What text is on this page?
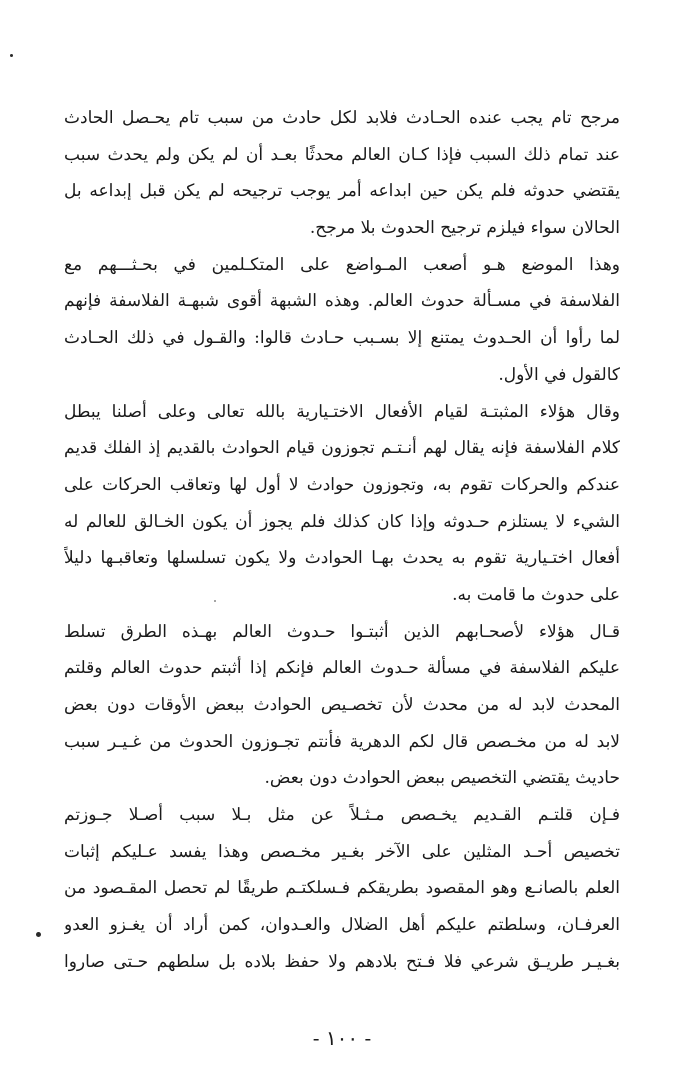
مرجح تام يجب عنده الحـادث فلابد لكل حادث من سبب تام يحـصل الحادث
عند تمام ذلك السبب فإذا كـان العالم محدثًا بعـد أن لم يكن ولم يحدث سبب
يقتضي حدوثه فلم يكن حين ابداعه أمر يوجب ترجيحه لم يكن قبل إبداعه بل
الحالان سواء فيلزم ترجيح الحدوث بلا مرجح.
وهذا الموضع هـو أصعب المـواضع على المتكـلمين في بحـثـــهم مع
الفلاسفة في مسـألة حدوث العالم. وهذه الشبهة أقوى شبهـة الفلاسفة فإنهم
لما رأوا أن الحـدوث يمتنع إلا بسـبب حـادث قالوا: والقـول في ذلك الحـادث
كالقول في الأول.
وقال هؤلاء المثبتـة لقيام الأفعال الاختـيارية بالله تعالى وعلى أصلنا يبطل
كلام الفلاسفة فإنه يقال لهم أنـتـم تجوزون قيام الحوادث بالقديم إذ الفلك قديم
عندكم والحركات تقوم به، وتجوزون حوادث لا أول لها وتعاقب الحركات على
الشيء لا يستلزم حـدوثه وإذا كان كذلك فلم يجوز أن يكون الخـالق للعالم له
أفعال اختـيارية تقوم به يحدث بهـا الحوادث ولا يكون تسلسلها وتعاقبـها دليلاً
على حدوث ما قامت به.
قـال هؤلاء لأصحـابهم الذين أثبتـوا حـدوث العالم بهـذه الطرق تسلط
عليكم الفلاسفة في مسألة حـدوث العالم فإنكم إذا أثبتم حدوث العالم وقلتم
المحدث لابد له من محدث لأن تخصـيص الحوادث ببعض الأوقات دون بعض
لابد له من مخـصص قال لكم الدهرية فأنتم تجـوزون الحدوث من غـيـر سبب
حاديث يقتضي التخصيص ببعض الحوادث دون بعض.
فـإن قلتـم القـديم يخـصص مـثـلاً عن مثل بـلا سبب أصـلا جـوزتم
تخصيص أحـد المثلين على الآخر بغـير مخـصص وهذا يفسد عـليكم إثبات
العلم بالصانـع وهو المقصود بطريقكم فـسلكتـم طريقًا لم تحصل المقـصود من
العرفـان، وسلطتم عليكم أهل الضلال والعـدوان، كمن أراد أن يغـزو العدو
بغـيـر طريـق شرعي فلا فـتح بلادهم ولا حفظ بلاده بل سلطهم حـتى صاروا
- ١٠٠ -
